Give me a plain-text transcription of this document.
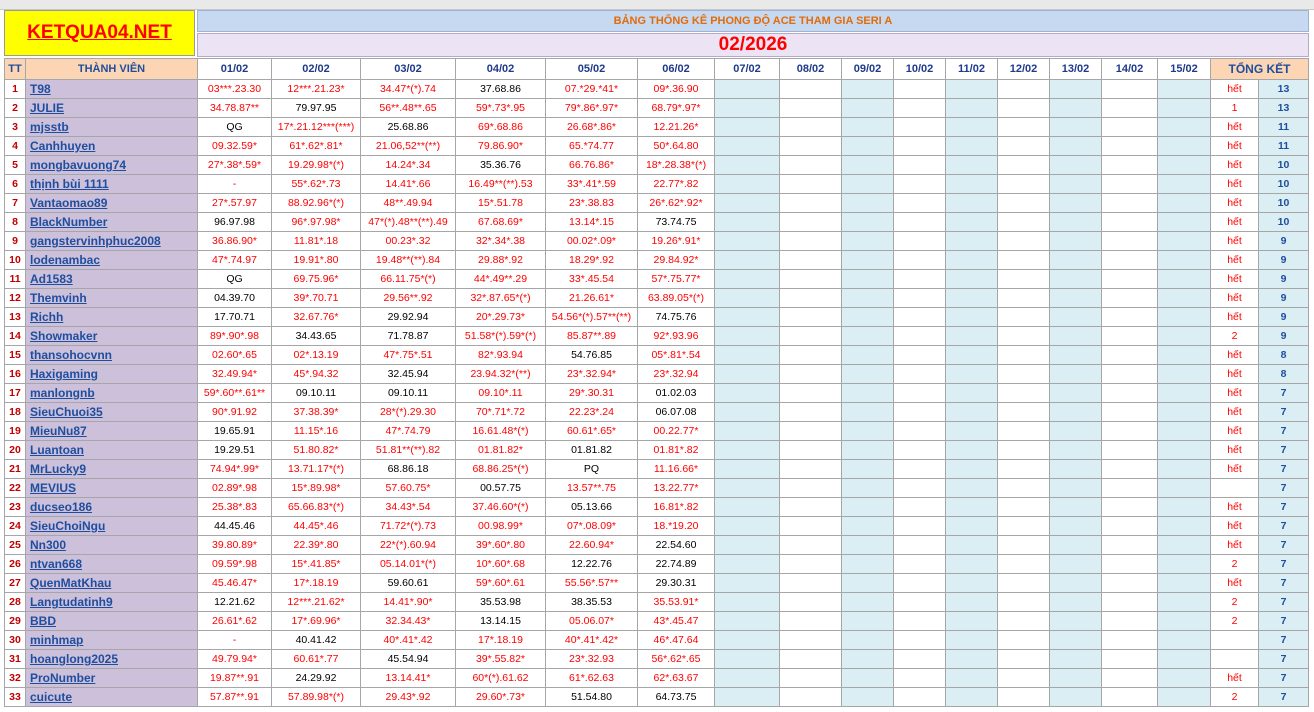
KETQUA04.NET
BẢNG THỐNG KÊ PHONG ĐỘ ACE THAM GIA SERI A
02/2026
TT	THÀNH VIÊN	01/02	02/02	03/02	04/02	05/02	06/02	07/02	08/02	09/02	10/02	11/02	12/02	13/02	14/02	15/02	TỔNG KẾT	
1	T98	03***.23.30	12***.21.23*	34.47*(*).74	37.68.86	07.*29.*41*	09*.36.90										hết	13
2	JULIE	34.78.87**	79.97.95	56**.48**.65	59*.73*.95	79*.86*.97*	68.79*.97*										1	13
3	mjsstb	QG	17*.21.12***(***)	25.68.86	69*.68.86	26.68*.86*	12.21.26*										hết	11
4	Canhhuyen	09.32.59*	61*.62*.81*	21.06,52**(**)	79.86.90*	65.*74.77	50*.64.80										hết	11
5	mongbavuong74	27*.38*.59*	19.29.98*(*)	14.24*.34	35.36.76	66.76.86*	18*.28.38*(*)										hết	10
6	thịnh bùi 1111	-	55*.62*.73	14.41*.66	16.49**(**).53	33*.41*.59	22.77*.82										hết	10
7	Vantaomao89	27*.57.97	88.92.96*(*)	48**.49.94	15*.51.78	23*.38.83	26*.62*.92*										hết	10
8	BlackNumber	96.97.98	96*.97.98*	47*(*).48**(**).49	67.68.69*	13.14*.15	73.74.75										hết	10
9	gangstervinhphuc2008	36.86.90*	11.81*.18	00.23*.32	32*.34*.38	00.02*.09*	19.26*.91*										hết	9
10	lodenambac	47*.74.97	19.91*.80	19.48**(**).84	29.88*.92	18.29*.92	29.84.92*										hết	9
11	Ad1583	QG	69.75.96*	66.11.75*(*)	44*.49**.29	33*.45.54	57*.75.77*										hết	9
12	Themvinh	04.39.70	39*.70.71	29.56**.92	32*.87.65*(*)	21.26.61*	63.89.05*(*)										hết	9
13	Richh	17.70.71	32.67.76*	29.92.94	20*.29.73*	54.56*(*).57**(**)	74.75.76										hết	9
14	Showmaker	89*.90*.98	34.43.65	71.78.87	51.58*(*).59*(*)	85.87**.89	92*.93.96										2	9
15	thansohocvnn	02.60*.65	02*.13.19	47*.75*.51	82*.93.94	54.76.85	05*.81*.54										hết	8
16	Haxigaming	32.49.94*	45*.94.32	32.45.94	23.94.32*(**)	23*.32.94*	23*.32.94										hết	8
17	manlongnb	59*.60**.61**	09.10.11	09.10.11	09.10*.11	29*.30.31	01.02.03										hết	7
18	SieuChuoi35	90*.91.92	37.38.39*	28*(*).29.30	70*.71*.72	22.23*.24	06.07.08										hết	7
19	MieuNu87	19.65.91	11.15*.16	47*.74.79	16.61.48*(*)	60.61*.65*	00.22.77*										hết	7
20	Luantoan	19.29.51	51.80.82*	51.81**(**).82	01.81.82*	01.81.82	01.81*.82										hết	7
21	MrLucky9	74.94*.99*	13.71.17*(*)	68.86.18	68.86.25*(*)	PQ	11.16.66*										hết	7
22	MEVIUS	02.89*.98	15*.89.98*	57.60.75*	00.57.75	13.57**.75	13.22.77*											7
23	ducseo186	25.38*.83	65.66.83*(*)	34.43*.54	37.46.60*(*)	05.13.66	16.81*.82										hết	7
24	SieuChoiNgu	44.45.46	44.45*.46	71.72*(*).73	00.98.99*	07*.08.09*	18.*19.20										hết	7
25	Nn300	39.80.89*	22.39*.80	22*(*).60.94	39*.60*.80	22.60.94*	22.54.60										hết	7
26	ntvan668	09.59*.98	15*.41.85*	05.14.01*(*)	10*.60*.68	12.22.76	22.74.89										2	7
27	QuenMatKhau	45.46.47*	17*.18.19	59.60.61	59*.60*.61	55.56*.57**	29.30.31										hết	7
28	Langtudatinh9	12.21.62	12***.21.62*	14.41*.90*	35.53.98	38.35.53	35.53.91*										2	7
29	BBD	26.61*.62	17*.69.96*	32.34.43*	13.14.15	05.06.07*	43*.45.47										2	7
30	minhmap	-	40.41.42	40*.41*.42	17*.18.19	40*.41*.42*	46*.47.64											7
31	hoanglong2025	49.79.94*	60.61*.77	45.54.94	39*.55.82*	23*.32.93	56*.62*.65											7
32	ProNumber	19.87**.91	24.29.92	13.14.41*	60*(*).61.62	61*.62.63	62*.63.67										hết	7
33	cuicute	57.87**.91	57.89.98*(*)	29.43*.92	29.60*.73*	51.54.80	64.73.75										2	7
